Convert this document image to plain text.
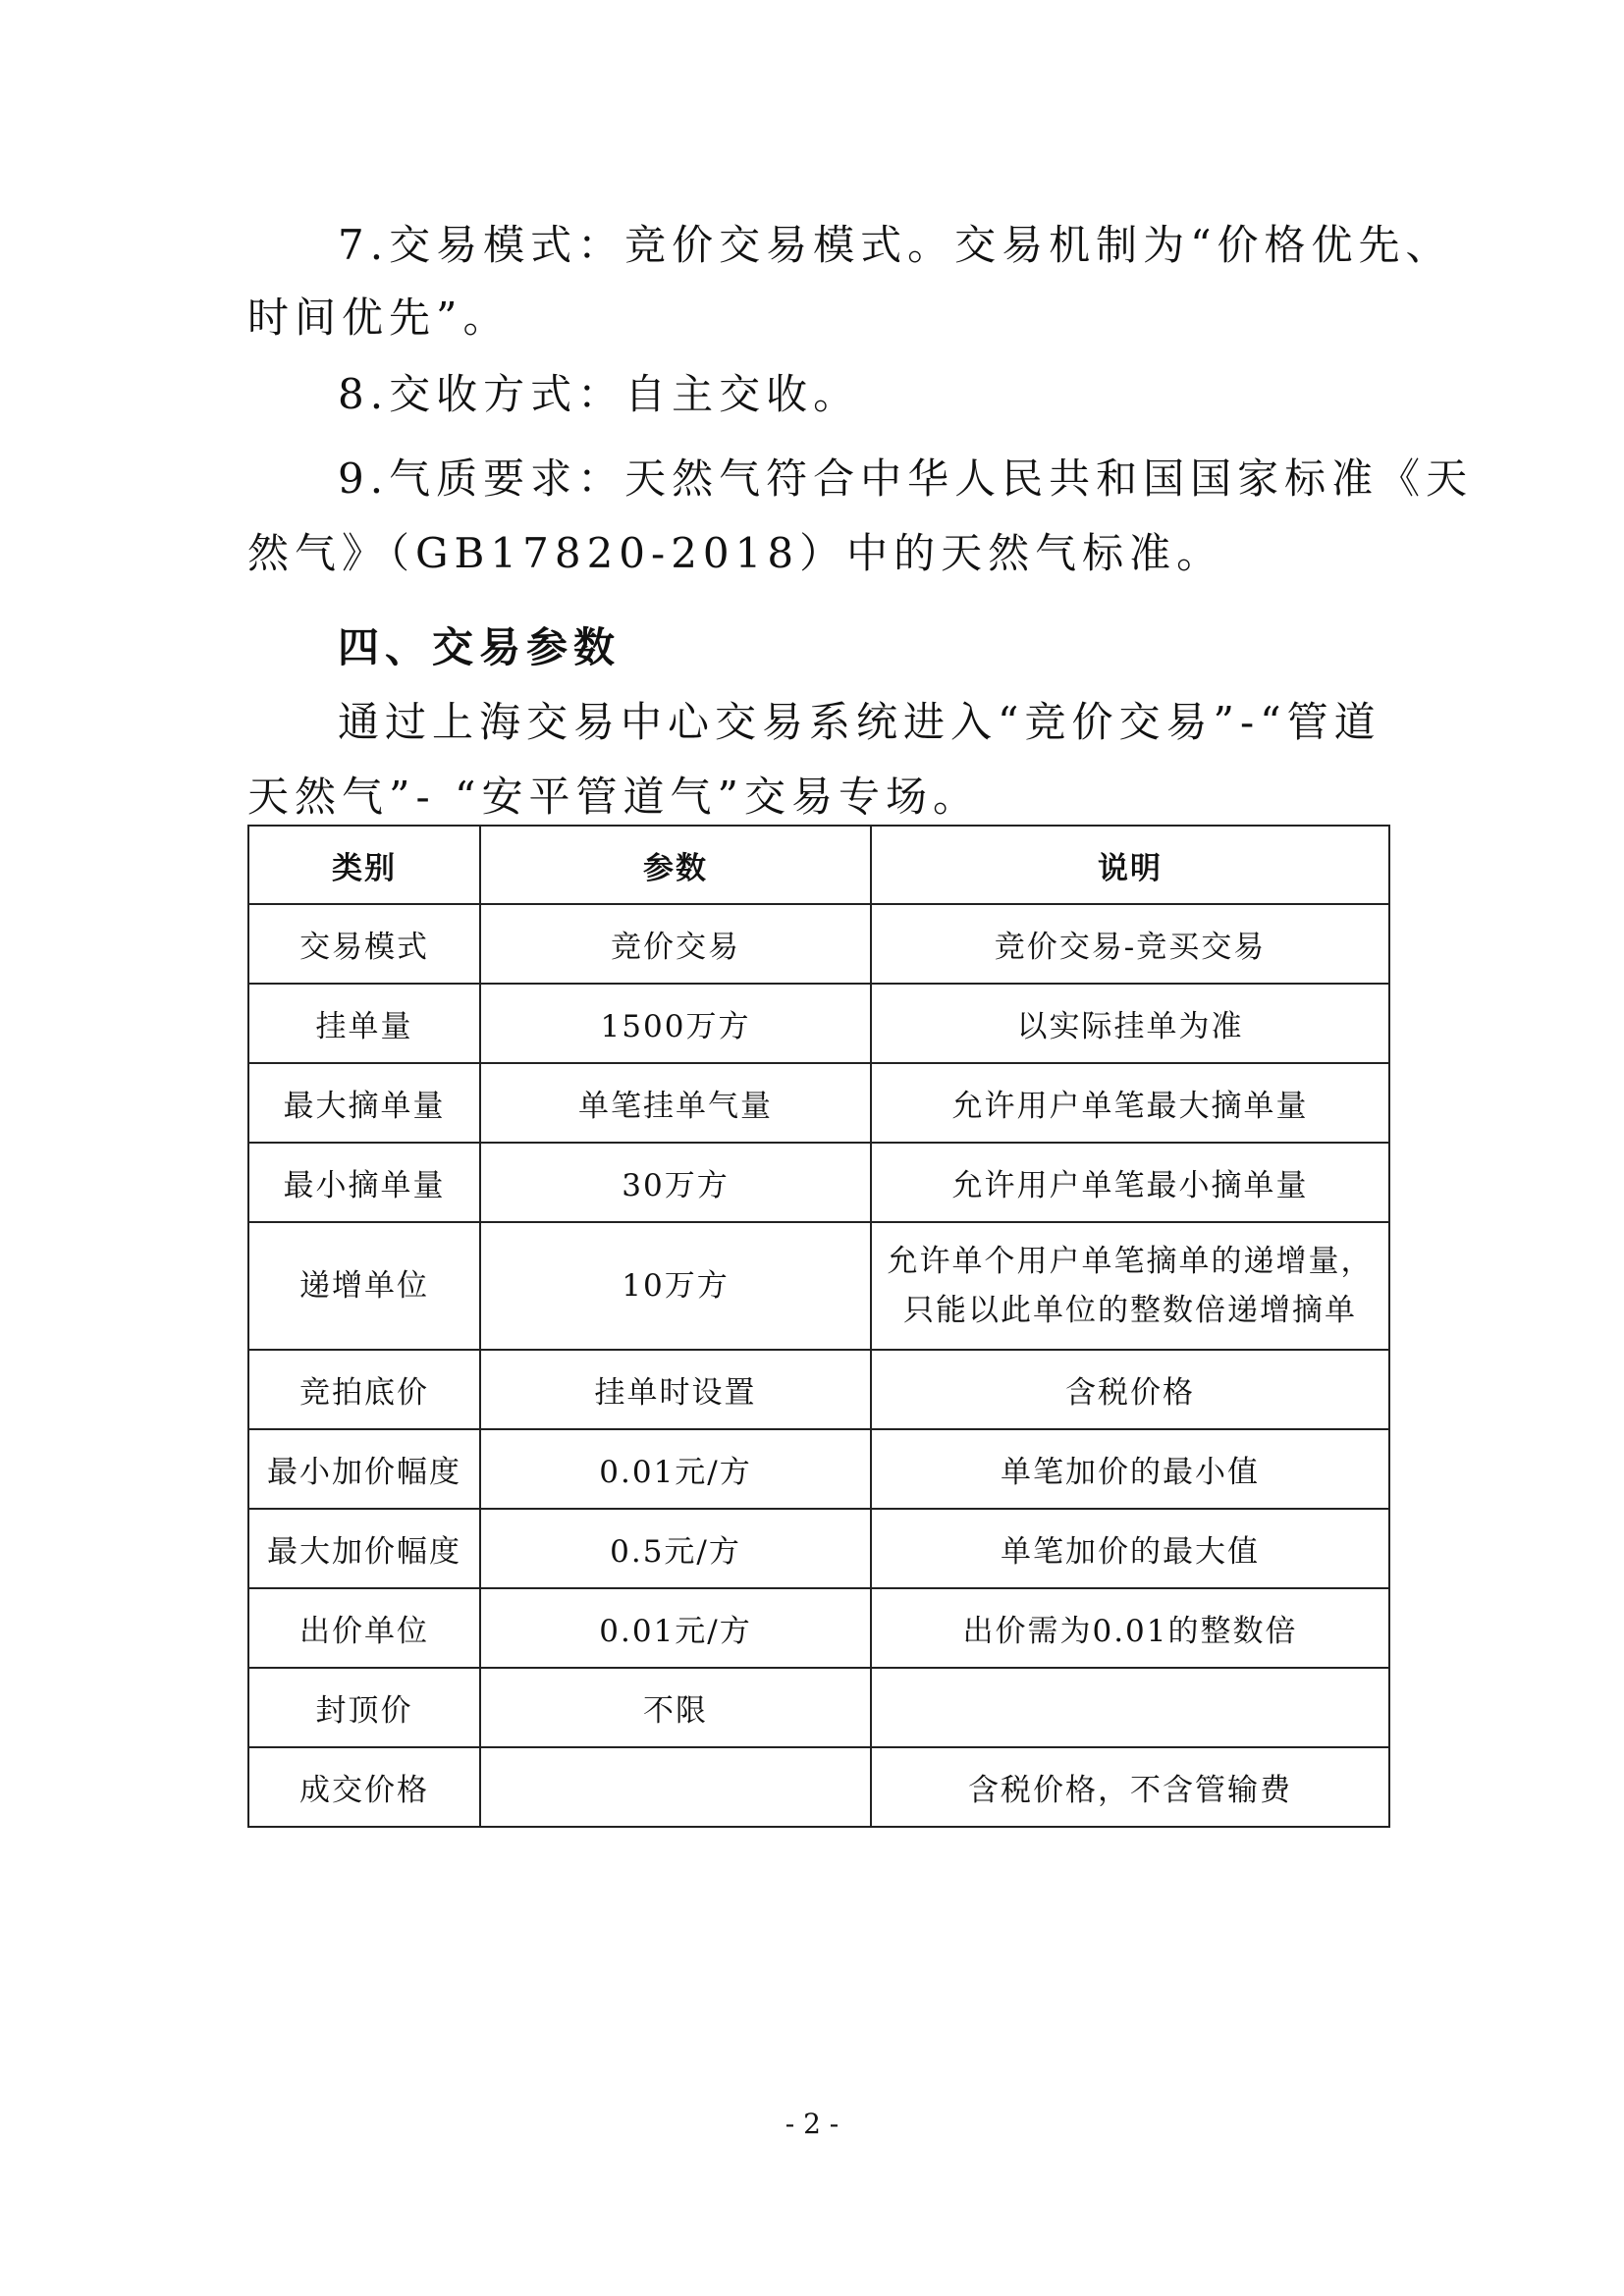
7.交易模式：竞价交易模式。交易机制为“价格优先、
时间优先”。
8.交收方式：自主交收。
9.气质要求：天然气符合中华人民共和国国家标准《天
然气》（GB17820-2018）中的天然气标准。
四、交易参数
通过上海交易中心交易系统进入“竞价交易”-“管道
天然气”- “安平管道气”交易专场。
类别	参数	说明
交易模式	竞价交易	竞价交易-竞买交易
挂单量	1500万方	以实际挂单为准
最大摘单量	单笔挂单气量	允许用户单笔最大摘单量
最小摘单量	30万方	允许用户单笔最小摘单量
递增单位	10万方	允许单个用户单笔摘单的递增量，
只能以此单位的整数倍递增摘单
竞拍底价	挂单时设置	含税价格
最小加价幅度	0.01元/方	单笔加价的最小值
最大加价幅度	0.5元/方	单笔加价的最大值
出价单位	0.01元/方	出价需为0.01的整数倍
封顶价	不限	
成交价格		含税价格，不含管输费
- 2 -
